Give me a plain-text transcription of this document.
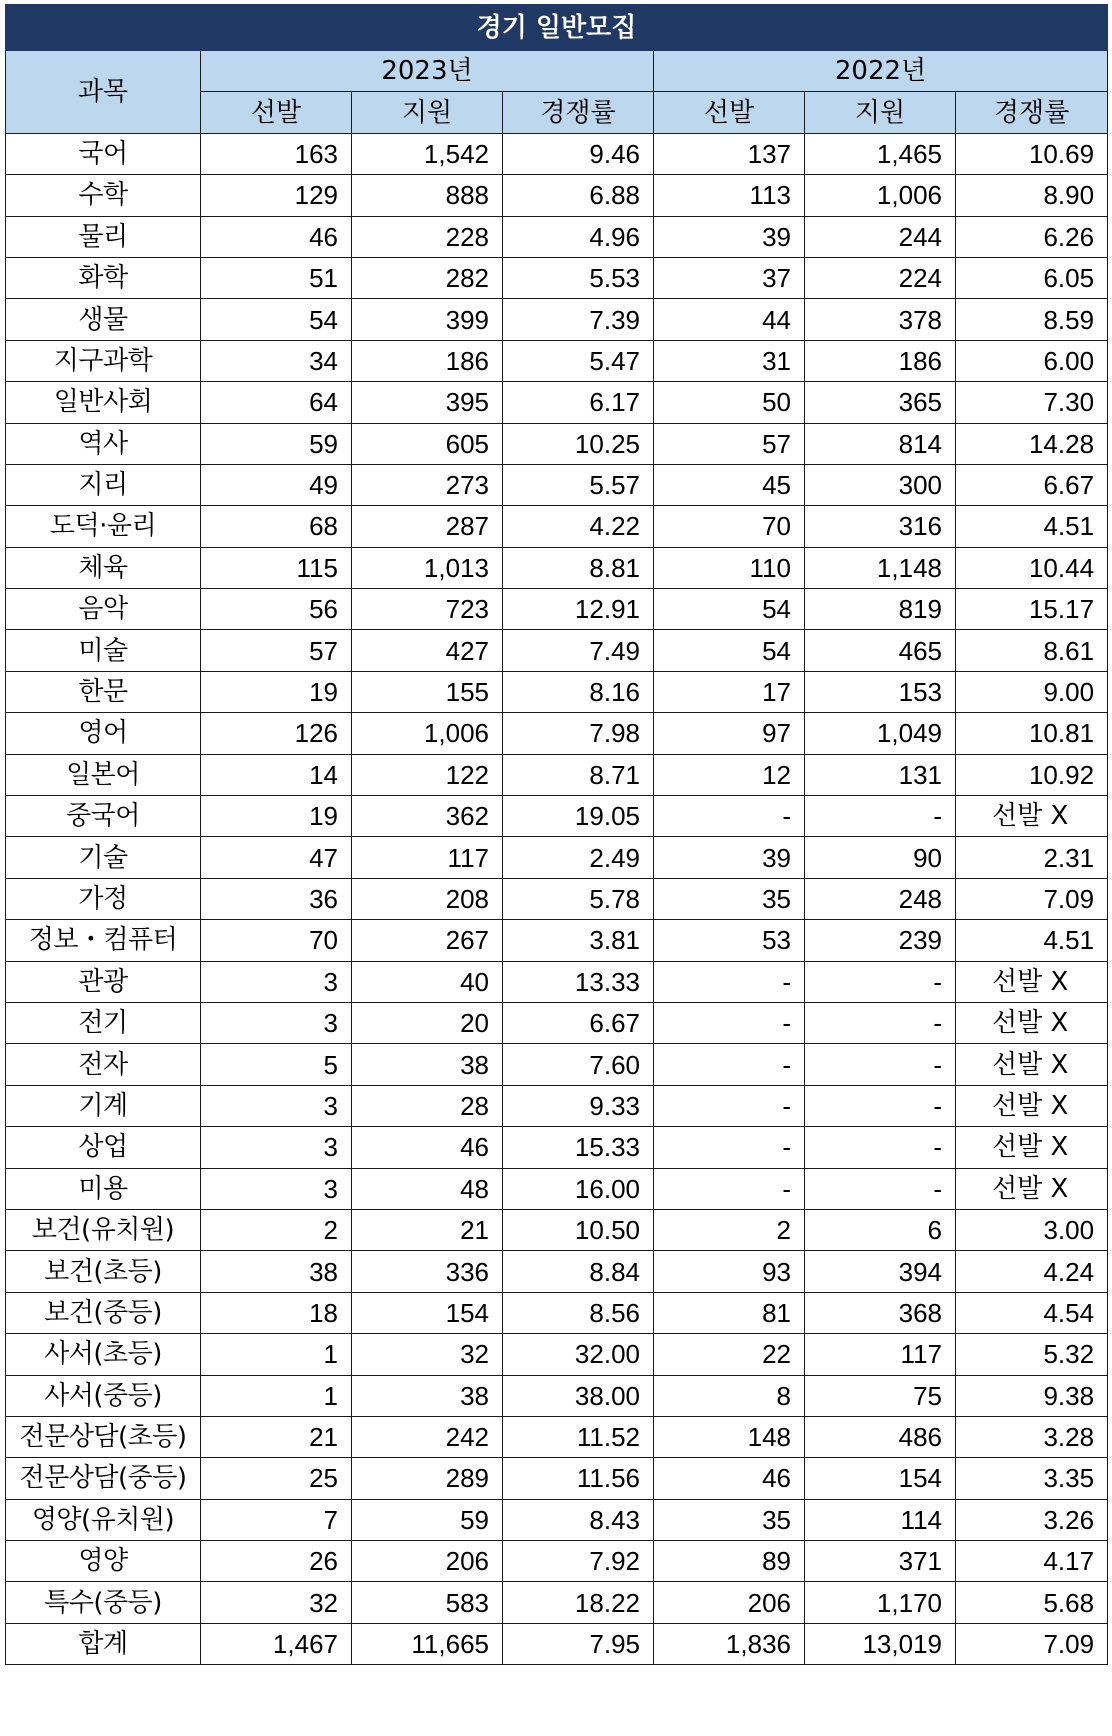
경기 일반모집						
과목	2023년			2022년		
	선발	지원	경쟁률	선발	지원	경쟁률
국어	163	1,542	9.46	137	1,465	10.69
수학	129	888	6.88	113	1,006	8.90
물리	46	228	4.96	39	244	6.26
화학	51	282	5.53	37	224	6.05
생물	54	399	7.39	44	378	8.59
지구과학	34	186	5.47	31	186	6.00
일반사회	64	395	6.17	50	365	7.30
역사	59	605	10.25	57	814	14.28
지리	49	273	5.57	45	300	6.67
도덕·윤리	68	287	4.22	70	316	4.51
체육	115	1,013	8.81	110	1,148	10.44
음악	56	723	12.91	54	819	15.17
미술	57	427	7.49	54	465	8.61
한문	19	155	8.16	17	153	9.00
영어	126	1,006	7.98	97	1,049	10.81
일본어	14	122	8.71	12	131	10.92
중국어	19	362	19.05	-	-	선발 X
기술	47	117	2.49	39	90	2.31
가정	36	208	5.78	35	248	7.09
정보・컴퓨터	70	267	3.81	53	239	4.51
관광	3	40	13.33	-	-	선발 X
전기	3	20	6.67	-	-	선발 X
전자	5	38	7.60	-	-	선발 X
기계	3	28	9.33	-	-	선발 X
상업	3	46	15.33	-	-	선발 X
미용	3	48	16.00	-	-	선발 X
보건(유치원)	2	21	10.50	2	6	3.00
보건(초등)	38	336	8.84	93	394	4.24
보건(중등)	18	154	8.56	81	368	4.54
사서(초등)	1	32	32.00	22	117	5.32
사서(중등)	1	38	38.00	8	75	9.38
전문상담(초등)	21	242	11.52	148	486	3.28
전문상담(중등)	25	289	11.56	46	154	3.35
영양(유치원)	7	59	8.43	35	114	3.26
영양	26	206	7.92	89	371	4.17
특수(중등)	32	583	18.22	206	1,170	5.68
합계	1,467	11,665	7.95	1,836	13,019	7.09
